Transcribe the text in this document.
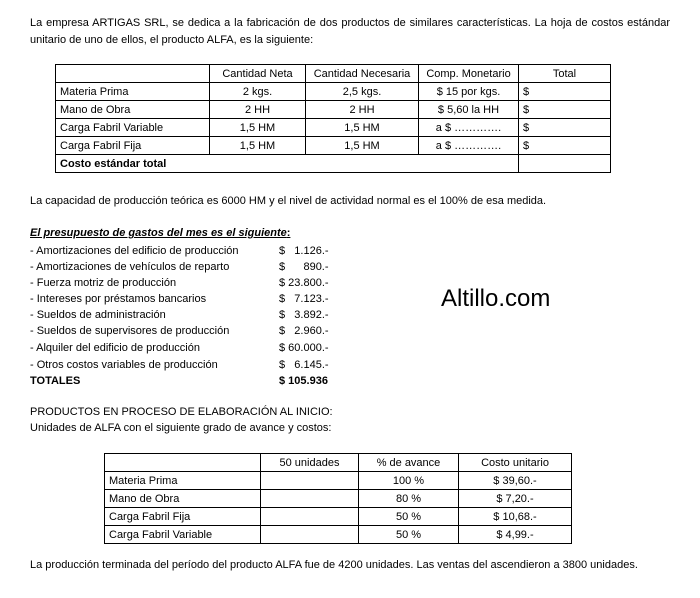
La empresa ARTIGAS SRL, se dedica a la fabricación de dos productos de similares características. La hoja de costos estándar unitario de uno de ellos, el producto ALFA, es la siguiente:

	Cantidad Neta	Cantidad Necesaria	Comp. Monetario	Total
Materia Prima	2 kgs.	2,5 kgs.	$ 15 por kgs.	$
Mano de Obra	2 HH	2 HH	$ 5,60 la HH	$
Carga Fabril Variable	1,5 HM	1,5 HM	a $ ………….	$
Carga Fabril Fija	1,5 HM	1,5 HM	a $ ………….	$
Costo estándar total				

La capacidad de producción teórica es 6000 HM y el nivel de actividad normal es el 100% de esa medida.

El presupuesto de gastos del mes es el siguiente:
- Amortizaciones del edificio de producción	$   1.126.-
- Amortizaciones de vehículos de reparto	$      890.-
- Fuerza motriz de producción	$ 23.800.-
- Intereses por préstamos bancarios	$   7.123.-
- Sueldos de administración	$   3.892.-
- Sueldos de supervisores de producción	$   2.960.-
- Alquiler del edificio de producción	$ 60.000.-
- Otros costos variables de producción	$   6.145.-
TOTALES	$ 105.936
Altillo.com
PRODUCTOS EN PROCESO DE ELABORACIÓN AL INICIO:
Unidades de ALFA con el siguiente grado de avance y costos:
	50 unidades	% de avance	Costo unitario
Materia Prima		100 %	$ 39,60.-
Mano de Obra		80 %	$ 7,20.-
Carga Fabril Fija		50 %	$ 10,68.-
Carga Fabril Variable		50 %	$ 4,99.-

La producción terminada del período del producto ALFA fue de 4200 unidades. Las ventas del ascendieron a 3800 unidades.
